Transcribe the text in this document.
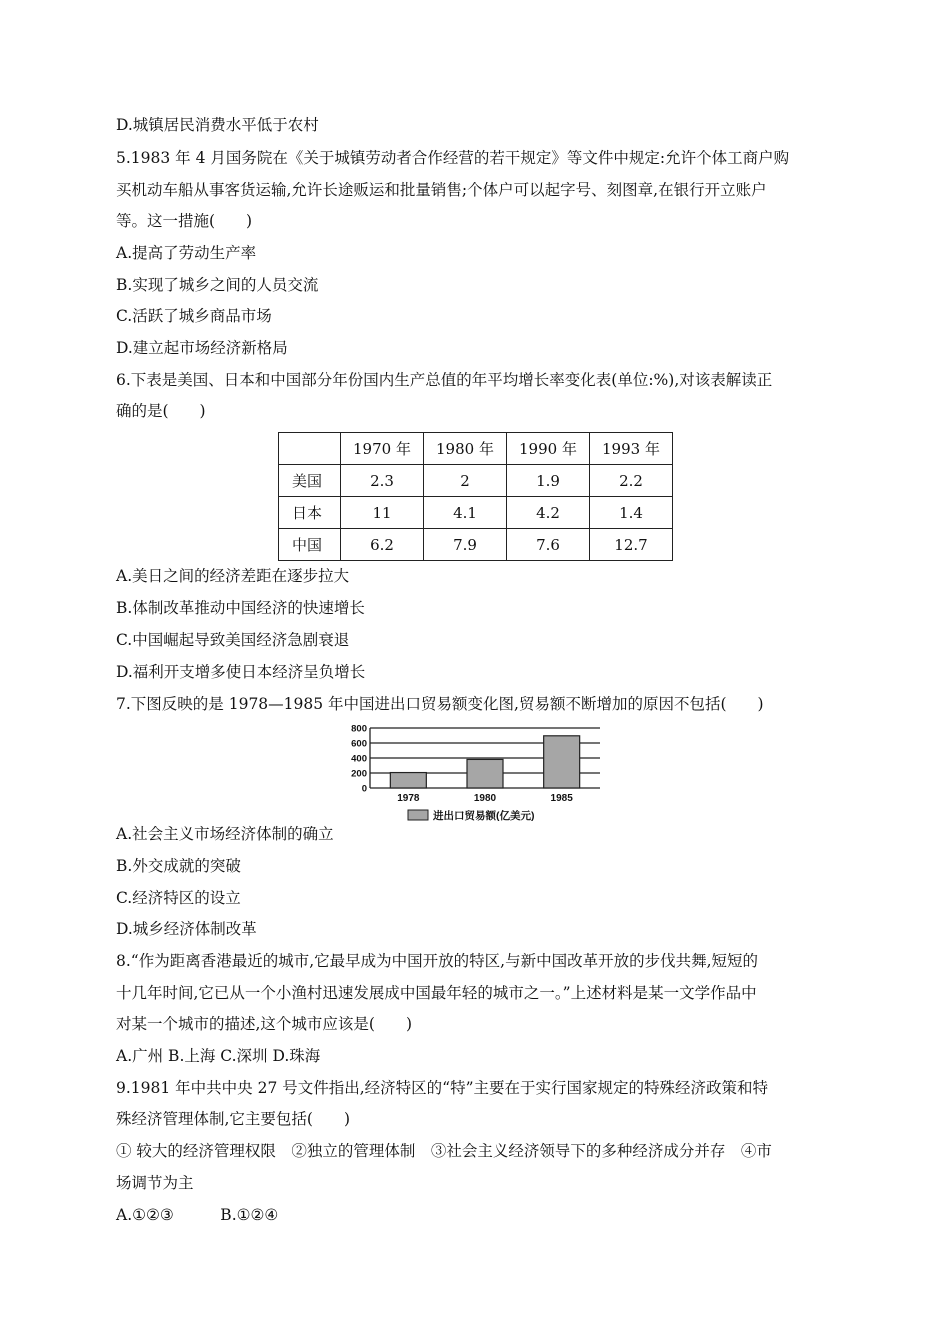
D.城镇居民消费水平低于农村
5.1983 年 4 月国务院在《关于城镇劳动者合作经营的若干规定》等文件中规定:允许个体工商户购
买机动车船从事客货运输,允许长途贩运和批量销售;个体户可以起字号、刻图章,在银行开立账户
等。这一措施(　　)
A.提高了劳动生产率
B.实现了城乡之间的人员交流
C.活跃了城乡商品市场
D.建立起市场经济新格局
6.下表是美国、日本和中国部分年份国内生产总值的年平均增长率变化表(单位:%),对该表解读正
确的是(　　)
	1970 年	1980 年	1990 年	1993 年
美国	2.3	2	1.9	2.2
日本	11	4.1	4.2	1.4
中国	6.2	7.9	7.6	12.7
A.美日之间的经济差距在逐步拉大
B.体制改革推动中国经济的快速增长
C.中国崛起导致美国经济急剧衰退
D.福利开支增多使日本经济呈负增长
7.下图反映的是 1978—1985 年中国进出口贸易额变化图,贸易额不断增加的原因不包括(　　)
0
200
400
600
800
1978	1980	1985
进出口贸易额(亿美元)
A.社会主义市场经济体制的确立
B.外交成就的突破
C.经济特区的设立
D.城乡经济体制改革
8.“作为距离香港最近的城市,它最早成为中国开放的特区,与新中国改革开放的步伐共舞,短短的
十几年时间,它已从一个小渔村迅速发展成中国最年轻的城市之一。”上述材料是某一文学作品中
对某一个城市的描述,这个城市应该是(　　)
A.广州 B.上海 C.深圳 D.珠海
9.1981 年中共中央 27 号文件指出,经济特区的“特”主要在于实行国家规定的特殊经济政策和特
殊经济管理体制,它主要包括(　　)
① 较大的经济管理权限　②独立的管理体制　③社会主义经济领导下的多种经济成分并存　④市
场调节为主
A.①②③　　　B.①②④
